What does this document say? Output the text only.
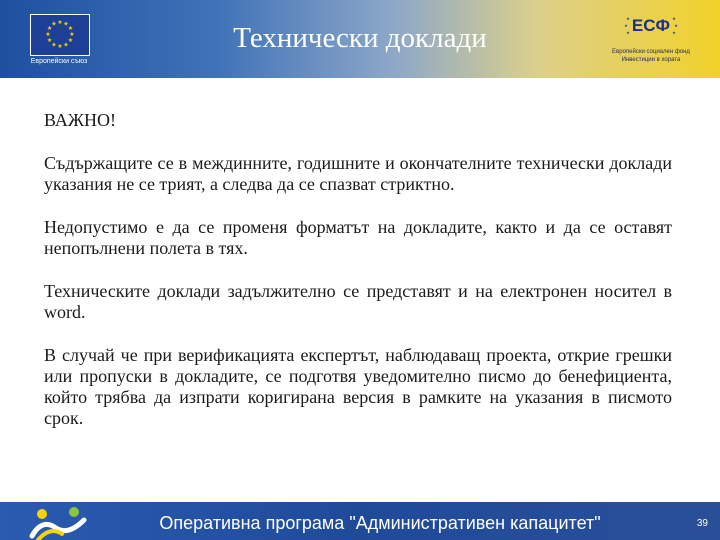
★ ★
★
★
★
★
★
★
★
★
★
★
Европейски съюз
Технически доклади
★
★
★
★
★
★
ЕСФ
Европейски социален фонд
Инвестиции в хората
ВАЖНО!
Съдържащите се в междинните, годишните и окончателните технически доклади указания не се трият, а следва да се спазват стриктно.
Недопустимо е да се променя форматът на докладите, както и да се оставят непопълнени полета в тях.
Техническите доклади задължително се представят и на електронен носител в word.
В случай че при верификацията експертът, наблюдаващ проекта, открие грешки или пропуски в докладите, се подготвя уведомително писмо до бенефициента, който трябва да изпрати коригирана версия в рамките на указания в писмото срок.
Оперативна програма "Административен капацитет"	39
